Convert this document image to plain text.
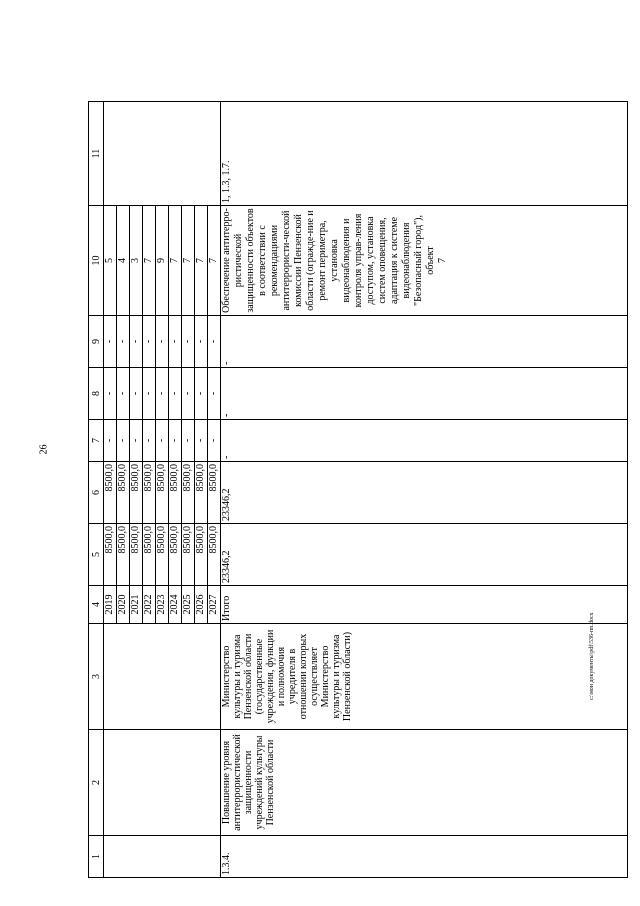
26
1	2	3	4	5	6	7	8	9	10	11
			2019	8500,0	8500,0	-	-	-	5	
			2020	8500,0	8500,0	-	-	-	4	
			2021	8500,0	8500,0	-	-	-	3	
			2022	8500,0	8500,0	-	-	-	7	
			2023	8500,0	8500,0	-	-	-	9	
			2024	8500,0	8500,0	-	-	-	7	
			2025	8500,0	8500,0	-	-	-	7	
			2026	8500,0	8500,0	-	-	-	7	
			2027	8500,0	8500,0	-	-	-	7	
1.3.4.	Повышение уровня антитеррористической защищенности учреждений культуры Пензенской области	Министерство культуры и туризма Пензенской области (государственные учреждения, функции и полномочия учредителя в отношении которых осуществляет Министерство культуры и туризма Пензенской области)	Итого	23346,2	23346,2	-	-	-	Обеспечение антитерро-ристической защищенности объектов в соответствии с рекомендациями антитеррористи-ческой комиссии Пензенской области (огражде-ние и ремонт периметра, установка видеонаблюдения и контроля управ-ления доступом, установка систем оповещения, адаптация к системе видеонаблюдения "Безопасный город"), объект 7	1, 1.3, 1.7.
c:\мои документы\pdf\536-пп.docx
